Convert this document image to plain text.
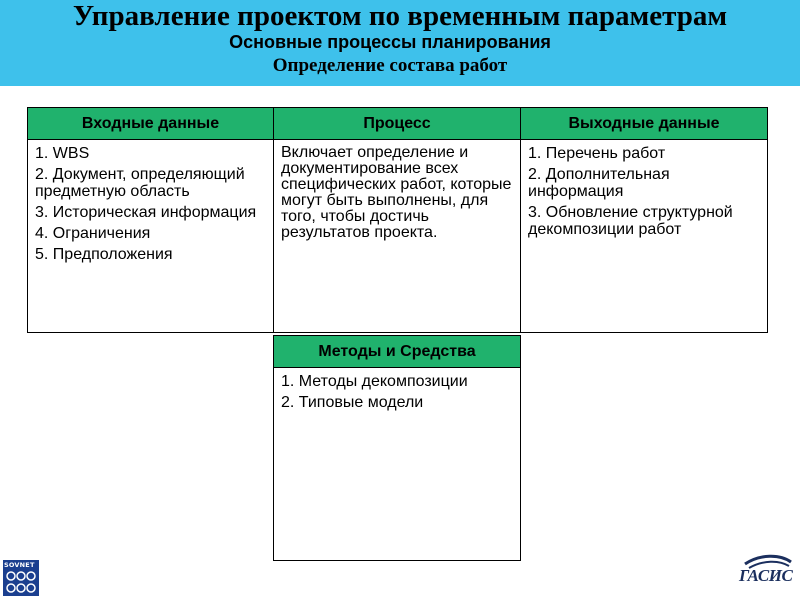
Управление проектом по временным параметрам
Основные процессы планирования
Определение состава работ
Входные данные	Процесс	Выходные данные
1. WBS
2. Документ, определяющий предметную область
3. Историческая информация
4. Ограничения
5. Предположения
Включает определение и документирование всех специфических работ, которые могут быть выполнены, для того, чтобы достичь результатов проекта.
1. Перечень работ
2. Дополнительная информация
3. Обновление структурной декомпозиции работ
Методы и Средства
1. Методы декомпозиции
2. Типовые модели
SOVNET
ГАСИС
